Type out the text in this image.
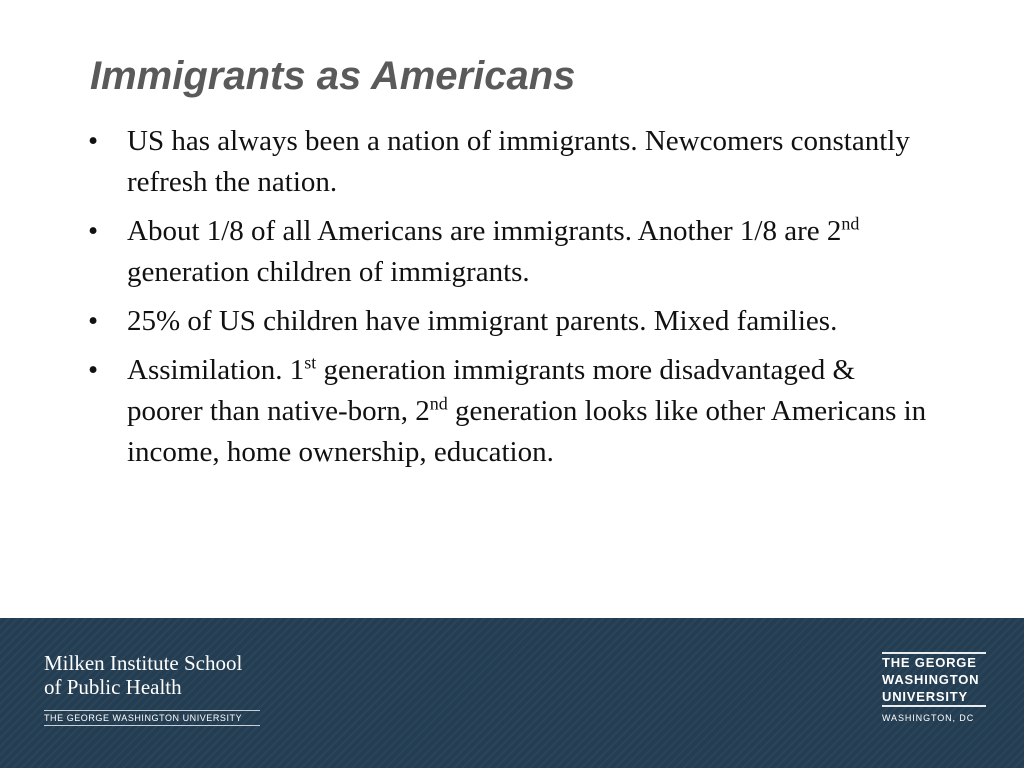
Immigrants as Americans
• US has always been a nation of immigrants. Newcomers constantly refresh the nation.
• About 1/8 of all Americans are immigrants. Another 1/8 are 2nd generation children of immigrants.
• 25% of US children have immigrant parents. Mixed families.
• Assimilation. 1st generation immigrants more disadvantaged & poorer than native-born, 2nd generation looks like other Americans in income, home ownership, education.
Milken Institute School
of Public Health
THE GEORGE WASHINGTON UNIVERSITY
THE GEORGE
WASHINGTON
UNIVERSITY
WASHINGTON, DC
